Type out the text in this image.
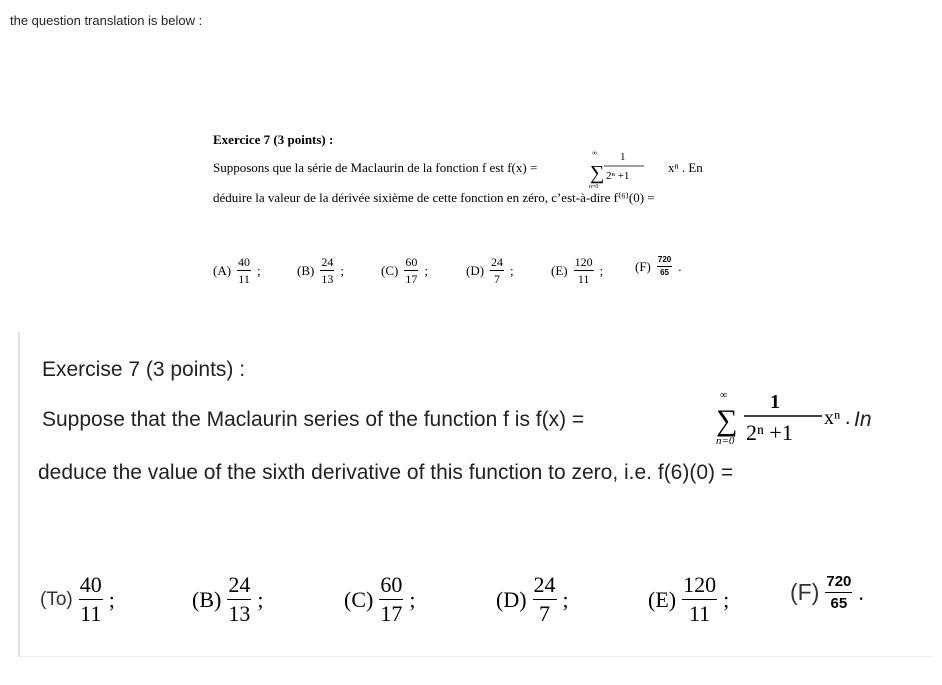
the question translation is below :
Exercice 7 (3 points) :
Supposons que la série de Maclaurin de la fonction f est f(x) =
∞
∑
n=0
1
2ⁿ +1
xⁿ . En
déduire la valeur de la dérivée sixième de cette fonction en zéro, c’est-à-dire f⁽⁶⁾(0) =
$(A) \frac{40}{11}$ ;	$(B) \frac{24}{13}$ ;	$(C) \frac{60}{17}$ ;	$(D) \frac{24}{7}$ ;	$(E) \frac{120}{11}$ ; $(F) \frac{720}{65}$ .
Exercise 7 (3 points) :
Suppose that the Maclaurin series of the function f is f(x) =
∞
∑
n=0
1
2ⁿ +1
xⁿ . In
deduce the value of the sixth derivative of this function to zero, i.e. f(6)(0) =
$(To) \frac{40}{11}$ ;	$(B) \frac{24}{13}$ ;	$(C) \frac{60}{17}$ ;	$(D) \frac{24}{7}$ ;	$(E) \frac{120}{11}$ ;	$(F) \frac{720}{65}$ .
